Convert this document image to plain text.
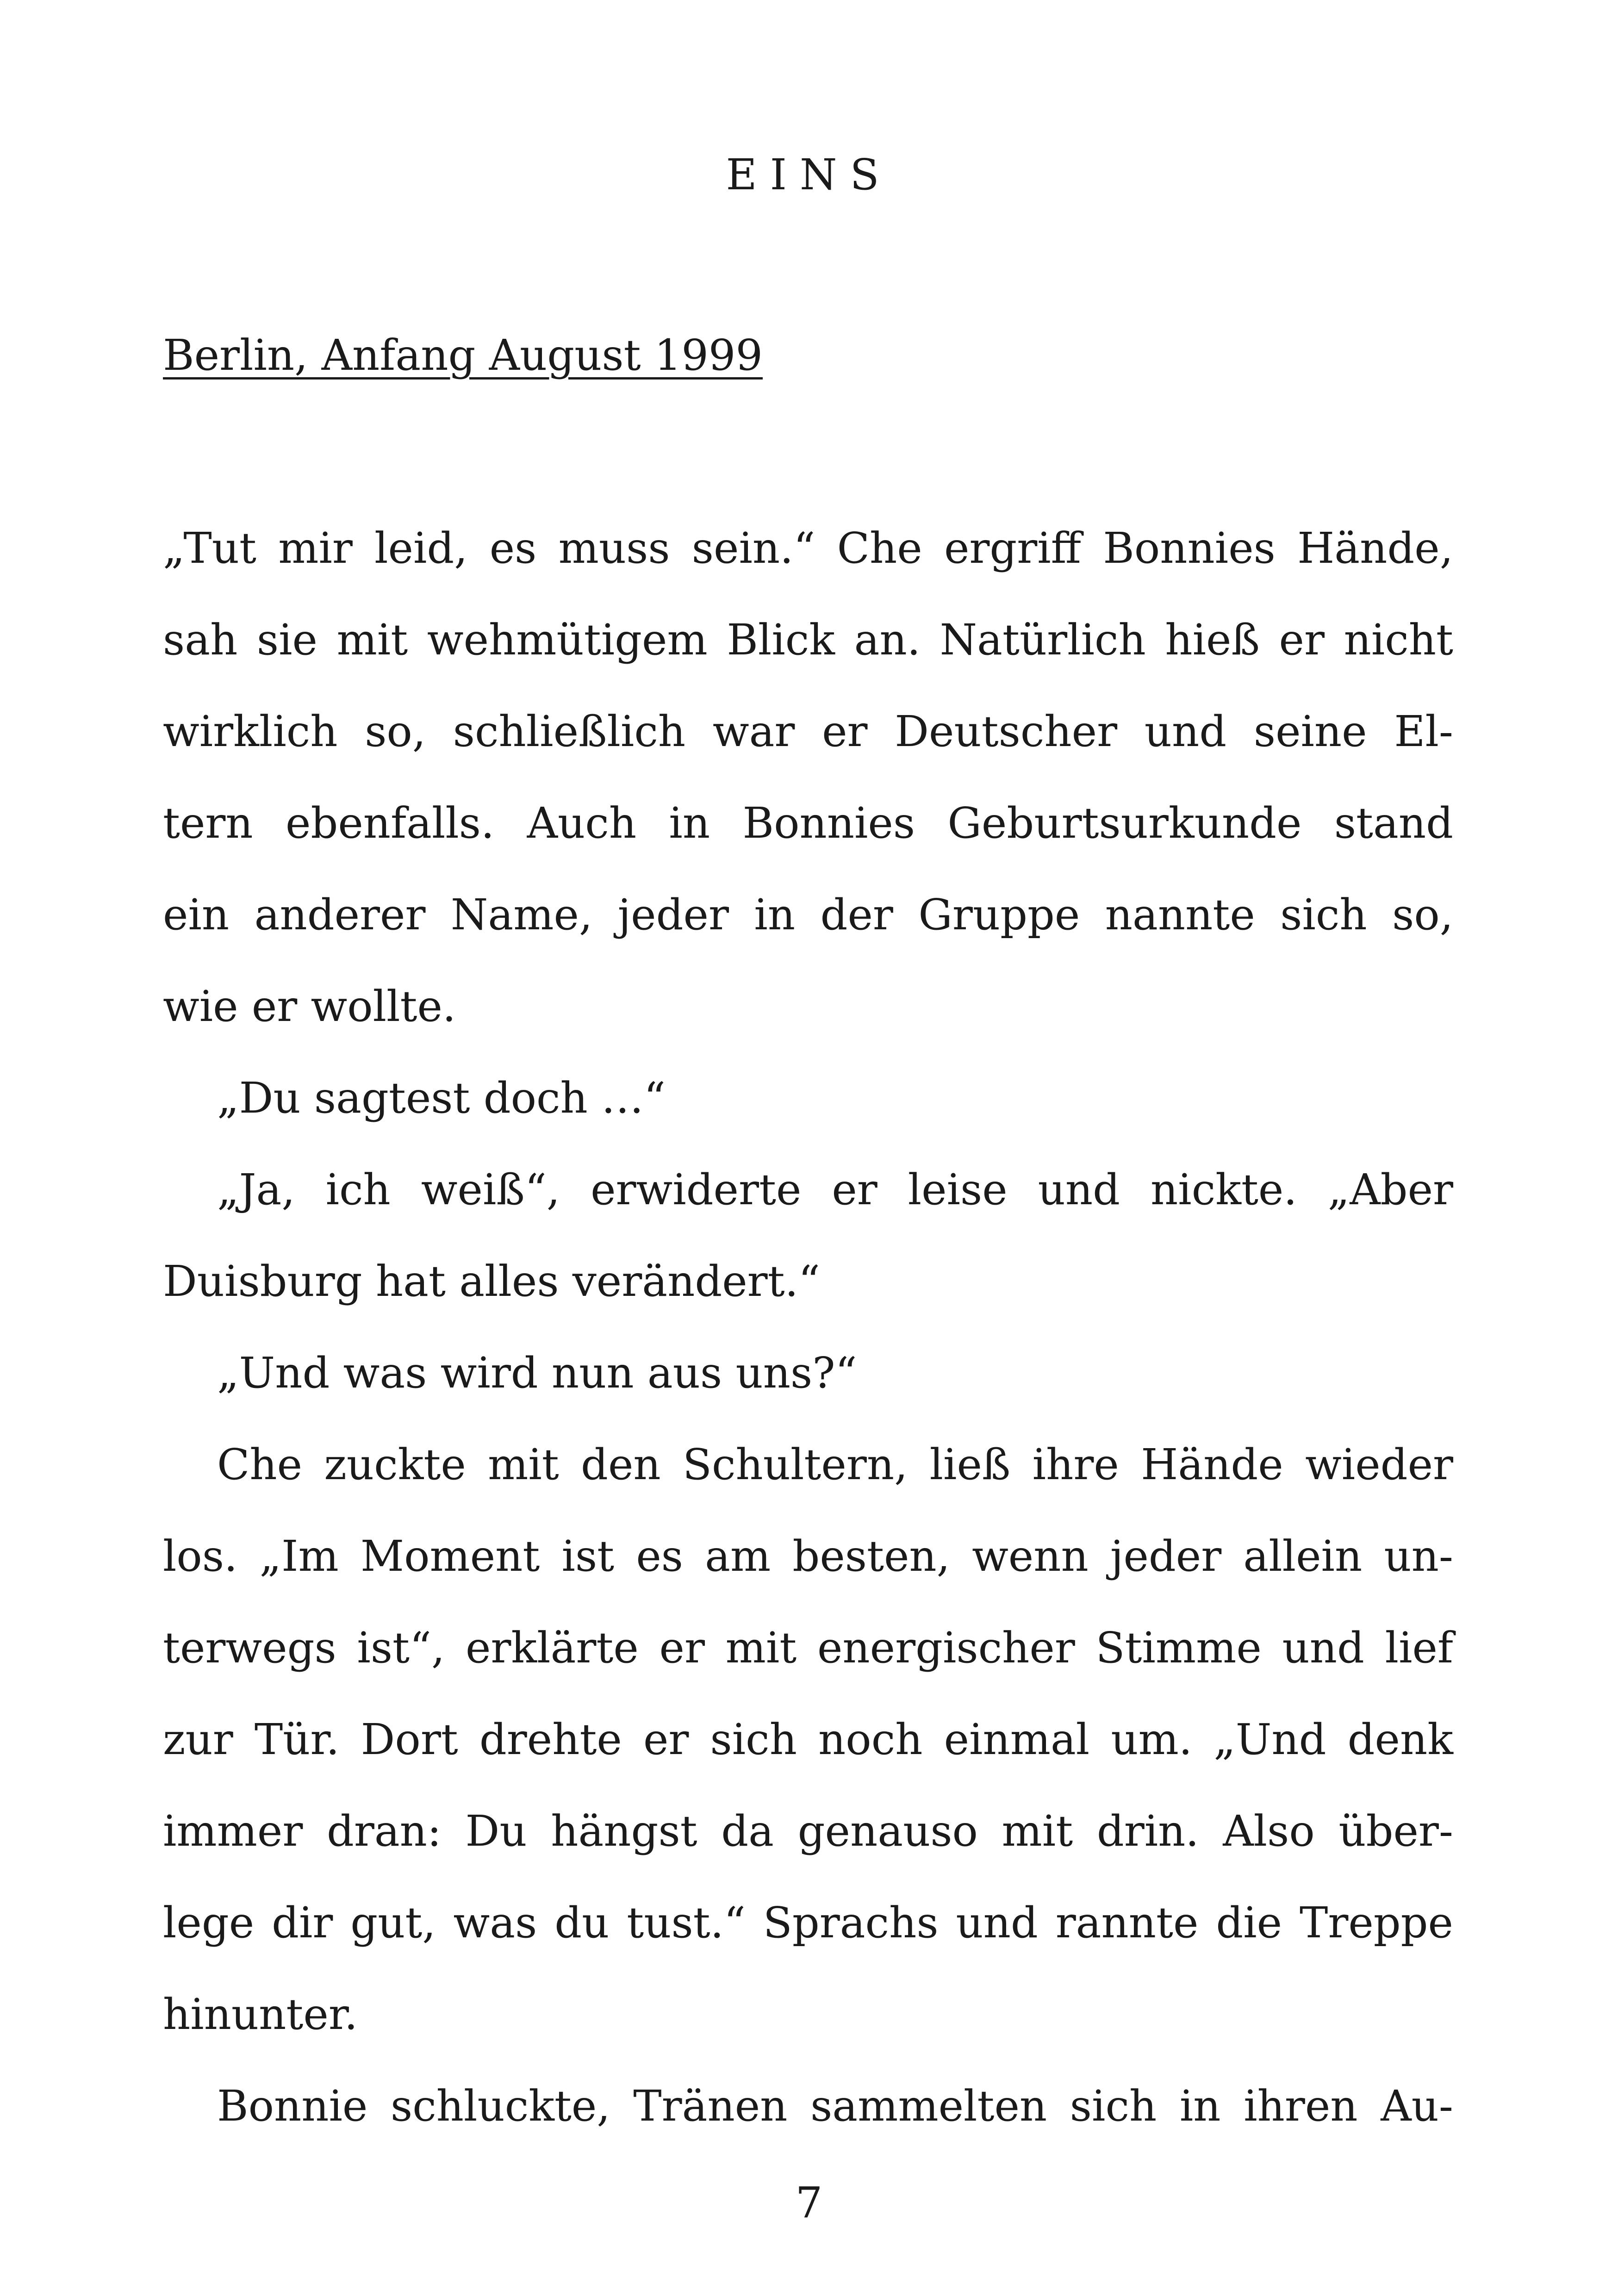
EINS

Berlin, Anfang August 1999

„Tut mir leid, es muss sein.“ Che ergriff Bonnies Hände,
sah sie mit wehmütigem Blick an. Natürlich hieß er nicht
wirklich so, schließlich war er Deutscher und seine El-
tern ebenfalls. Auch in Bonnies Geburtsurkunde stand
ein anderer Name, jeder in der Gruppe nannte sich so,
wie er wollte.
„Du sagtest doch …“
„Ja, ich weiß“, erwiderte er leise und nickte. „Aber
Duisburg hat alles verändert.“
„Und was wird nun aus uns?“
Che zuckte mit den Schultern, ließ ihre Hände wieder
los. „Im Moment ist es am besten, wenn jeder allein un-
terwegs ist“, erklärte er mit energischer Stimme und lief
zur Tür. Dort drehte er sich noch einmal um. „Und denk
immer dran: Du hängst da genauso mit drin. Also über-
lege dir gut, was du tust.“ Sprachs und rannte die Treppe
hinunter.
Bonnie schluckte, Tränen sammelten sich in ihren Au-
7
